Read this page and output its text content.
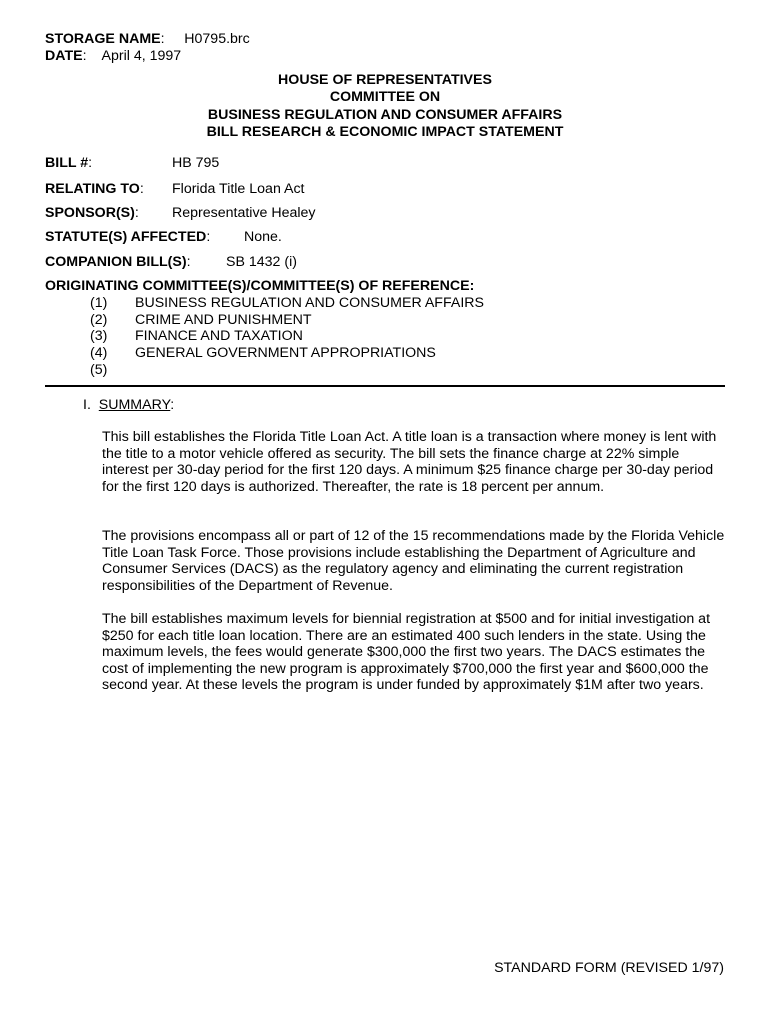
STORAGE NAME:     H0795.brc
DATE:    April 4, 1997
HOUSE OF REPRESENTATIVES
COMMITTEE ON
BUSINESS REGULATION AND CONSUMER AFFAIRS
BILL RESEARCH & ECONOMIC IMPACT STATEMENT
BILL #:	HB 795
RELATING TO: Florida Title Loan Act
SPONSOR(S): Representative Healey
STATUTE(S) AFFECTED: None.
COMPANION BILL(S): SB 1432 (i)
ORIGINATING COMMITTEE(S)/COMMITTEE(S) OF REFERENCE:
(1) BUSINESS REGULATION AND CONSUMER AFFAIRS
(2) CRIME AND PUNISHMENT
(3) FINANCE AND TAXATION
(4) GENERAL GOVERNMENT APPROPRIATIONS
(5)
I. SUMMARY:

This bill establishes the Florida Title Loan Act. A title loan is a transaction where money is lent with the title to a motor vehicle offered as security. The bill sets the finance charge at 22% simple interest per 30-day period for the first 120 days. A minimum $25 finance charge per 30-day period for the first 120 days is authorized. Thereafter, the rate is 18 percent per annum.

The provisions encompass all or part of 12 of the 15 recommendations made by the Florida Vehicle Title Loan Task Force. Those provisions include establishing the Department of Agriculture and Consumer Services (DACS) as the regulatory agency and eliminating the current registration responsibilities of the Department of Revenue.

The bill establishes maximum levels for biennial registration at $500 and for initial investigation at $250 for each title loan location. There are an estimated 400 such lenders in the state. Using the maximum levels, the fees would generate $300,000 the first two years. The DACS estimates the cost of implementing the new program is approximately $700,000 the first year and $600,000 the second year. At these levels the program is under funded by approximately $1M after two years.

STANDARD FORM (REVISED 1/97)
